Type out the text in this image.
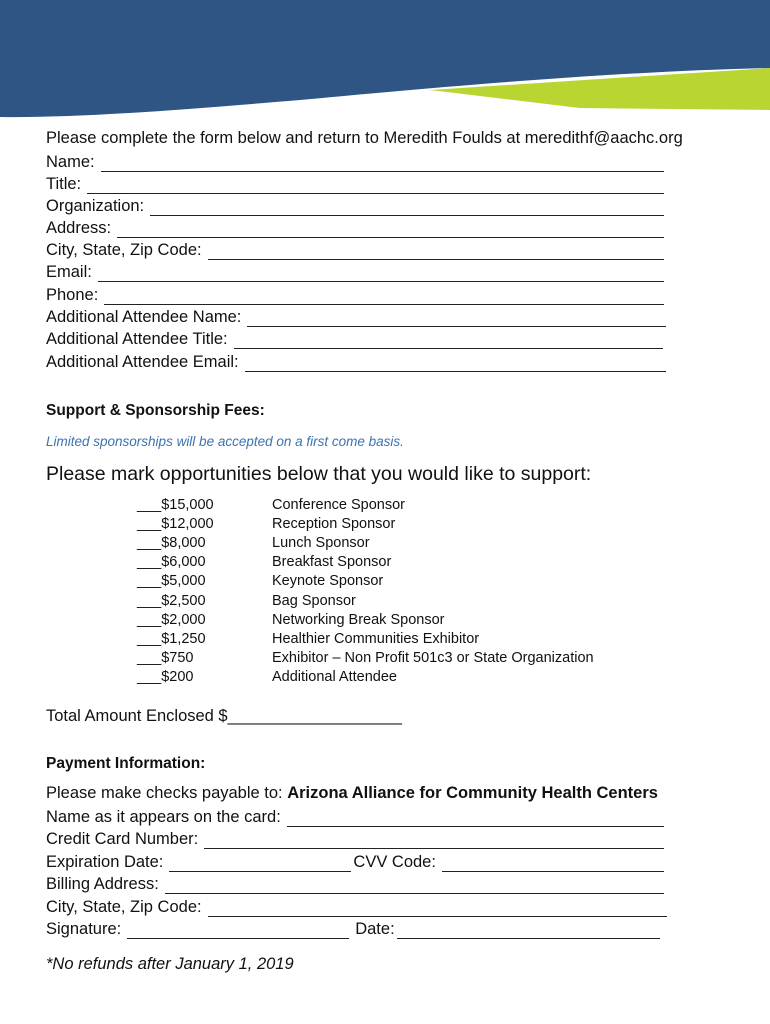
Please complete the form below and return to Meredith Foulds at meredithf@aachc.org
Name:
Title:
Organization:
Address:
City, State, Zip Code:
Email:
Phone:
Additional Attendee Name:
Additional Attendee Title:
Additional Attendee Email:
Support & Sponsorship Fees:
Limited sponsorships will be accepted on a first come basis.
Please mark opportunities below that you would like to support:
___$15,000	Conference Sponsor
___$12,000	Reception Sponsor
___$8,000	Lunch Sponsor
___$6,000	Breakfast Sponsor
___$5,000	Keynote Sponsor
___$2,500	Bag Sponsor
___$2,000	Networking Break Sponsor
___$1,250	Healthier Communities Exhibitor
___$750	Exhibitor – Non Profit 501c3 or State Organization
___$200	Additional Attendee
Total Amount Enclosed $___________________
Payment Information:
Please make checks payable to: Arizona Alliance for Community Health Centers
Name as it appears on the card:
Credit Card Number:
Expiration Date:	CVV Code:
Billing Address:
City, State, Zip Code:
Signature:	Date:
*No refunds after January 1, 2019
